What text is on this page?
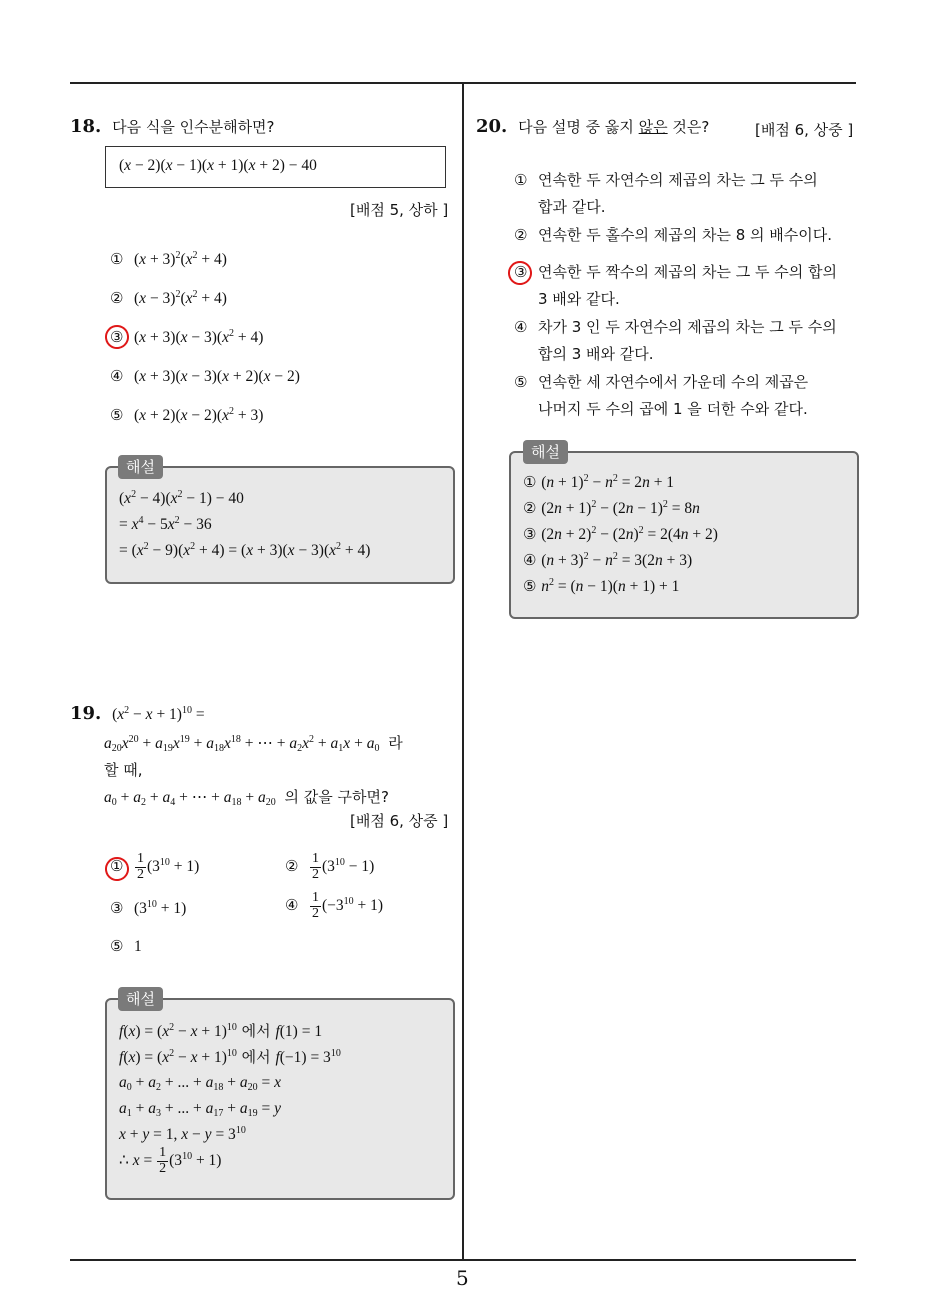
18. 다음 식을 인수분해하면?
(x − 2)(x − 1)(x + 1)(x + 2) − 40
[배점 5, 상하 ]
① $(x + 3)^2(x^2 + 4)$
② $(x - 3)^2(x^2 + 4)$
③ $(x + 3)(x - 3)(x^2 + 4)$
④ (x + 3)(x − 3)(x + 2)(x − 2)
⑤ $(x + 2)(x - 2)(x^2 + 3)$
$(x^2 - 4)(x^2 - 1) - 40$
= $x^4 - 5x^2 - 36$
= $(x^2 - 9)(x^2 + 4) = (x + 3)(x - 3)(x^2 + 4)$
해설
19. $(x^2 - x + 1)^{10}$ =
$a_{20}x^{20} + a_{19}x^{19} + a_{18}x^{18}$ + ⋯ + $a_2x^2 + a_1x + a_0$ 라
할 때,
$a_0 + a_2 + a_4$ + ⋯ + $a_{18} + a_{20}$ 의 값을 구하면?
[배점 6, 상중 ]
① $\frac{1}{2} (3^{10} + 1)$	② $\frac{1}{2} (3^{10} - 1)$
③ $(3^{10} + 1)$	④ $\frac{1}{2} (-3^{10} + 1)$
⑤ 1
$f(x) = (x^2 - x + 1)^{10}$ 에서 f(1) = 1
$f(x) = (x^2 - x + 1)^{10}$ 에서 $f(-1) = 3^{10}$
$a_0 + a_2$ + ... + $a_{18} + a_{20} = x$
$a_1 + a_3$ + ... + $a_{17} + a_{19} = y$
x + y = 1, $x - y = 3^{10}$
∴ $x = \frac{1}{2} (3^{10} + 1)$
해설
20. 다음 설명 중 옳지 않은 것은?	[배점 6, 상중 ]
① 연속한 두 자연수의 제곱의 차는 그 두 수의
합과 같다.
② 연속한 두 홀수의 제곱의 차는 8 의 배수이다.
③ 연속한 두 짝수의 제곱의 차는 그 두 수의 합의
3 배와 같다.
④ 차가 3 인 두 자연수의 제곱의 차는 그 두 수의
합의 3 배와 같다.
⑤ 연속한 세 자연수에서 가운데 수의 제곱은
나머지 두 수의 곱에 1 을 더한 수와 같다.
① $(n + 1)^2 - n^2 = 2n + 1$
② $(2n + 1)^2 - (2n - 1)^2 = 8n$
③ $(2n + 2)^2 - (2n)^2 = 2(4n + 2)$
④ $(n + 3)^2 - n^2 = 3(2n + 3)$
⑤ $n^2 = (n - 1)(n + 1) + 1$
해설
5
